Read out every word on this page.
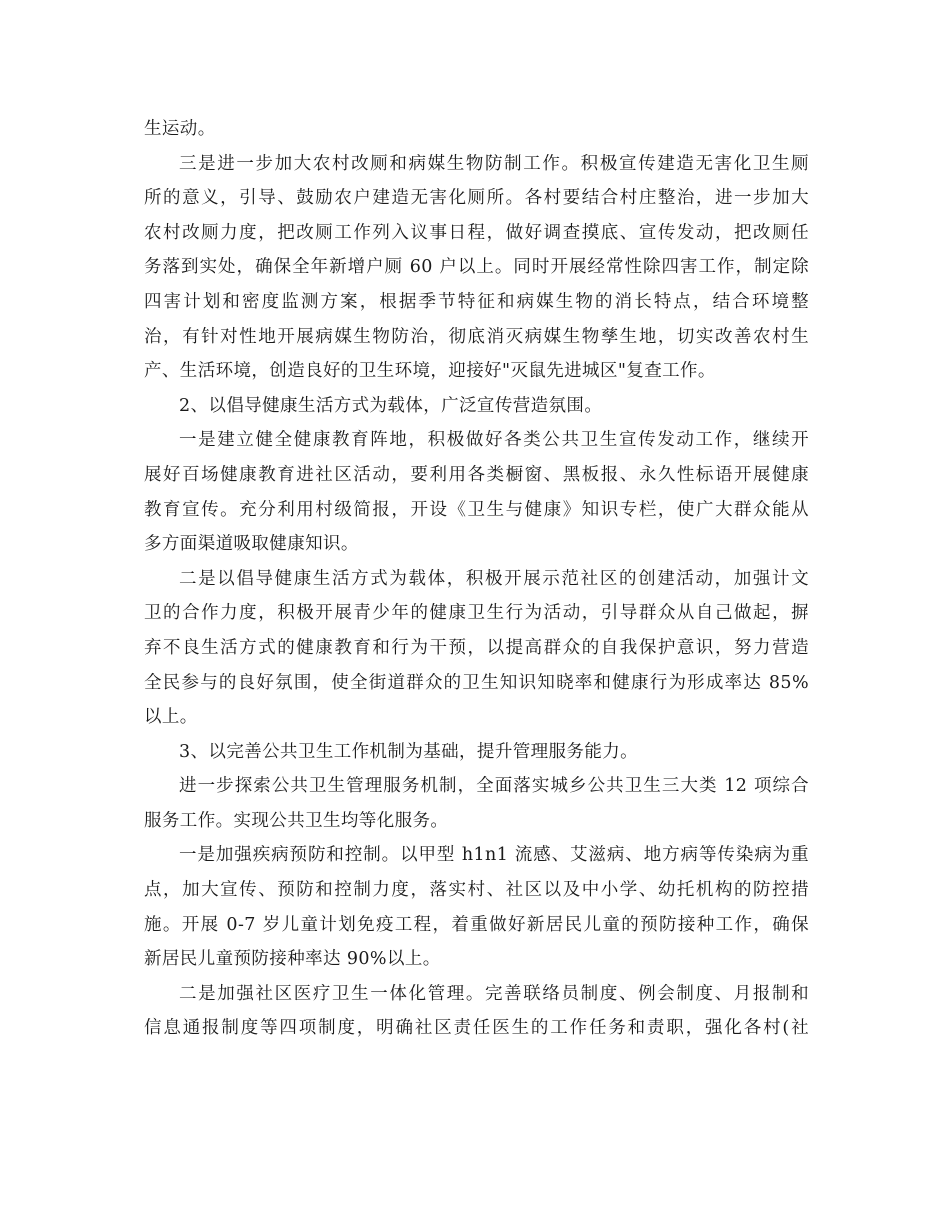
生运动。
三是进一步加大农村改厕和病媒生物防制工作。积极宣传建造无害化卫生厕
所的意义，引导、鼓励农户建造无害化厕所。各村要结合村庄整治，进一步加大
农村改厕力度，把改厕工作列入议事日程，做好调查摸底、宣传发动，把改厕任
务落到实处，确保全年新增户厕 60 户以上。同时开展经常性除四害工作，制定除
四害计划和密度监测方案，根据季节特征和病媒生物的消长特点，结合环境整
治，有针对性地开展病媒生物防治，彻底消灭病媒生物孳生地，切实改善农村生
产、生活环境，创造良好的卫生环境，迎接好"灭鼠先进城区"复查工作。
2、以倡导健康生活方式为载体，广泛宣传营造氛围。
一是建立健全健康教育阵地，积极做好各类公共卫生宣传发动工作，继续开
展好百场健康教育进社区活动，要利用各类橱窗、黑板报、永久性标语开展健康
教育宣传。充分利用村级简报，开设《卫生与健康》知识专栏，使广大群众能从
多方面渠道吸取健康知识。
二是以倡导健康生活方式为载体，积极开展示范社区的创建活动，加强计文
卫的合作力度，积极开展青少年的健康卫生行为活动，引导群众从自己做起，摒
弃不良生活方式的健康教育和行为干预，以提高群众的自我保护意识，努力营造
全民参与的良好氛围，使全街道群众的卫生知识知晓率和健康行为形成率达 85%
以上。
3、以完善公共卫生工作机制为基础，提升管理服务能力。
进一步探索公共卫生管理服务机制，全面落实城乡公共卫生三大类 12 项综合
服务工作。实现公共卫生均等化服务。
一是加强疾病预防和控制。以甲型 h1n1 流感、艾滋病、地方病等传染病为重
点，加大宣传、预防和控制力度，落实村、社区以及中小学、幼托机构的防控措
施。开展 0-7 岁儿童计划免疫工程，着重做好新居民儿童的预防接种工作，确保
新居民儿童预防接种率达 90%以上。
二是加强社区医疗卫生一体化管理。完善联络员制度、例会制度、月报制和
信息通报制度等四项制度，明确社区责任医生的工作任务和责职，强化各村(社
